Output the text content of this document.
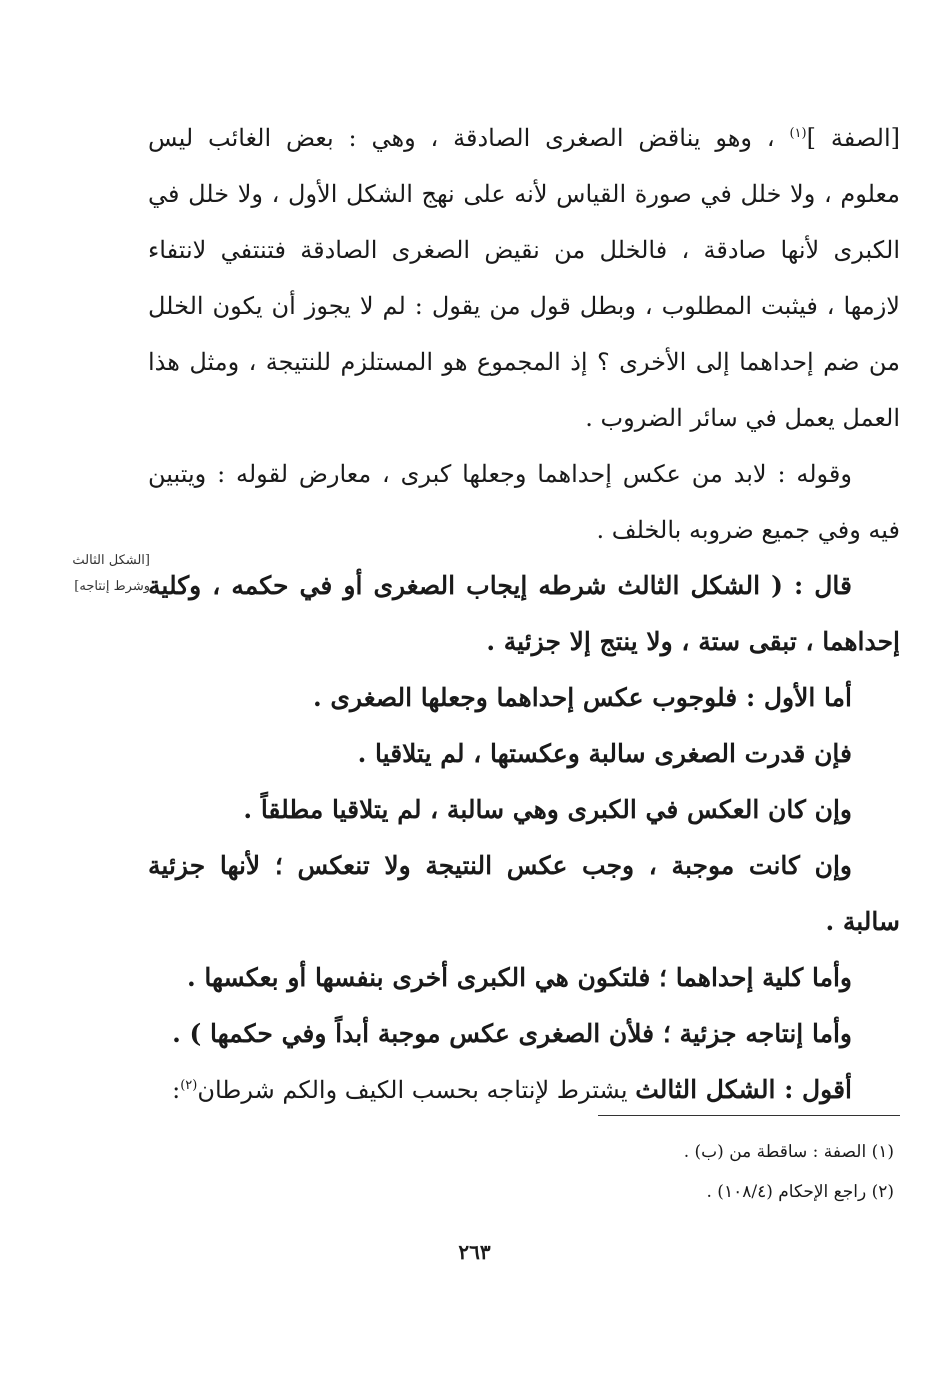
[الصفة ]$^{(١)}$ ، وهو يناقض الصغرى الصادقة ، وهي : بعض الغائب ليس
معلوم ، ولا خلل في صورة القياس لأنه على نهج الشكل الأول ، ولا خلل في
الكبرى لأنها صادقة ، فالخلل من نقيض الصغرى الصادقة فتنتفي لانتفاء
لازمها ، فيثبت المطلوب ، وبطل قول من يقول : لم لا يجوز أن يكون الخلل
من ضم إحداهما إلى الأخرى ؟ إذ المجموع هو المستلزم للنتيجة ، ومثل هذا
العمل يعمل في سائر الضروب .
وقوله : لابد من عكس إحداهما وجعلها كبرى ، معارض لقوله : ويتبين
فيه وفي جميع ضروبه بالخلف .
قال : ( الشكل الثالث شرطه إيجاب الصغرى أو في حكمه ، وكلية
إحداهما ، تبقى ستة ، ولا ينتج إلا جزئية .
أما الأول : فلوجوب عكس إحداهما وجعلها الصغرى .
فإن قدرت الصغرى سالبة وعكستها ، لم يتلاقيا .
وإن كان العكس في الكبرى وهي سالبة ، لم يتلاقيا مطلقاً .
وإن كانت موجبة ، وجب عكس النتيجة ولا تنعكس ؛ لأنها جزئية
سالبة .
وأما كلية إحداهما ؛ فلتكون هي الكبرى أخرى بنفسها أو بعكسها .
وأما إنتاجه جزئية ؛ فلأن الصغرى عكس موجبة أبداً وفي حكمها ) .
أقول : الشكل الثالث يشترط لإنتاجه بحسب الكيف والكم شرطان$^{(٢)}$:
[الشكل الثالث
وشرط إنتاجه]
(١) الصفة : ساقطة من (ب) .
(٢) راجع الإحكام (١٠٨/٤) .
٢٦٣
